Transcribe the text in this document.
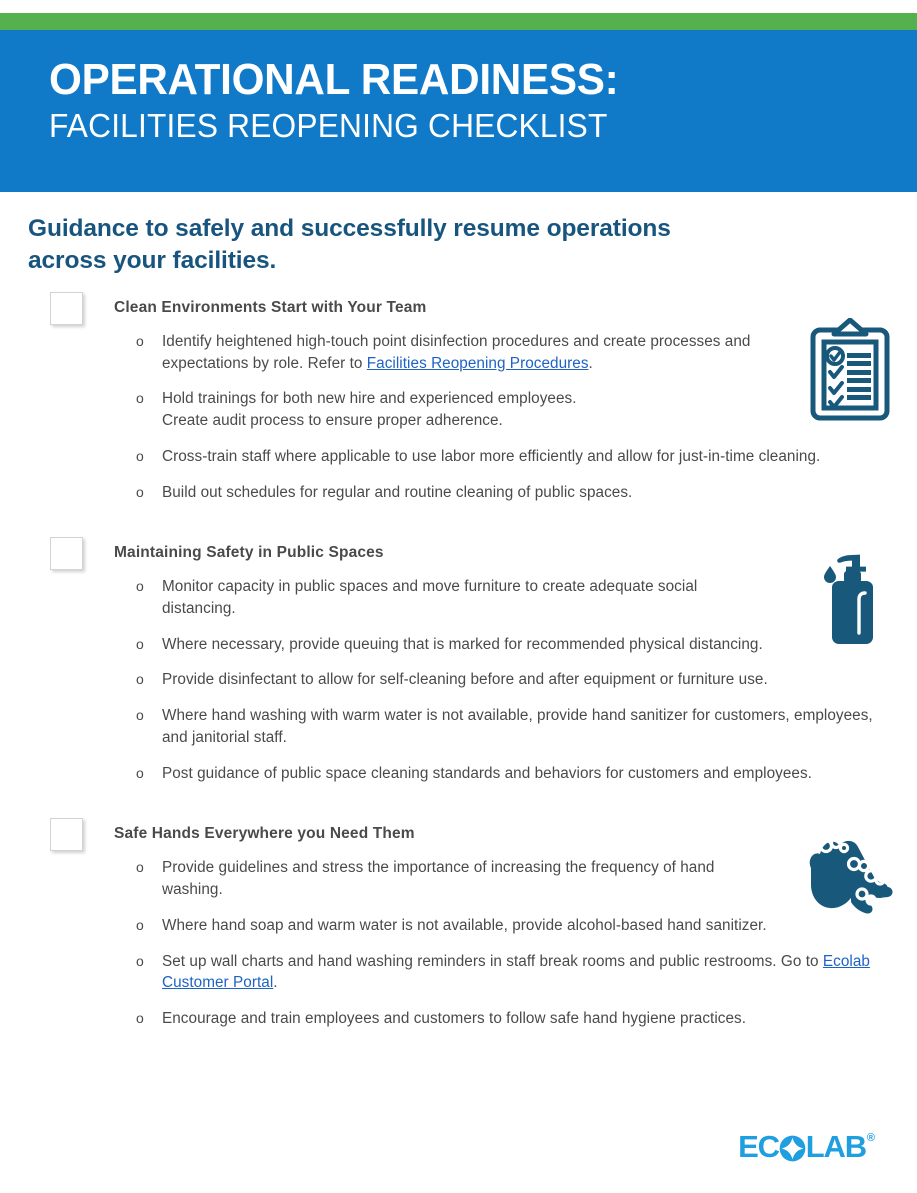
OPERATIONAL READINESS:
FACILITIES REOPENING CHECKLIST
Guidance to safely and successfully resume operations
across your facilities.
Clean Environments Start with Your Team
o Identify heightened high-touch point disinfection procedures and create processes and expectations by role. Refer to Facilities Reopening Procedures.
o Hold trainings for both new hire and experienced employees.
Create audit process to ensure proper adherence.
o Cross-train staff where applicable to use labor more efficiently and allow for just-in-time cleaning.
o Build out schedules for regular and routine cleaning of public spaces.
Maintaining Safety in Public Spaces
o Monitor capacity in public spaces and move furniture to create adequate social distancing.
o Where necessary, provide queuing that is marked for recommended physical distancing.
o Provide disinfectant to allow for self-cleaning before and after equipment or furniture use.
o Where hand washing with warm water is not available, provide hand sanitizer for customers, employees, and janitorial staff.
o Post guidance of public space cleaning standards and behaviors for customers and employees.
Safe Hands Everywhere you Need Them
o Provide guidelines and stress the importance of increasing the frequency of hand washing.
o Where hand soap and warm water is not available, provide alcohol-based hand sanitizer.
o Set up wall charts and hand washing reminders in staff break rooms and public restrooms. Go to Ecolab Customer Portal.
o Encourage and train employees and customers to follow safe hand hygiene practices.
EC LAB ®
